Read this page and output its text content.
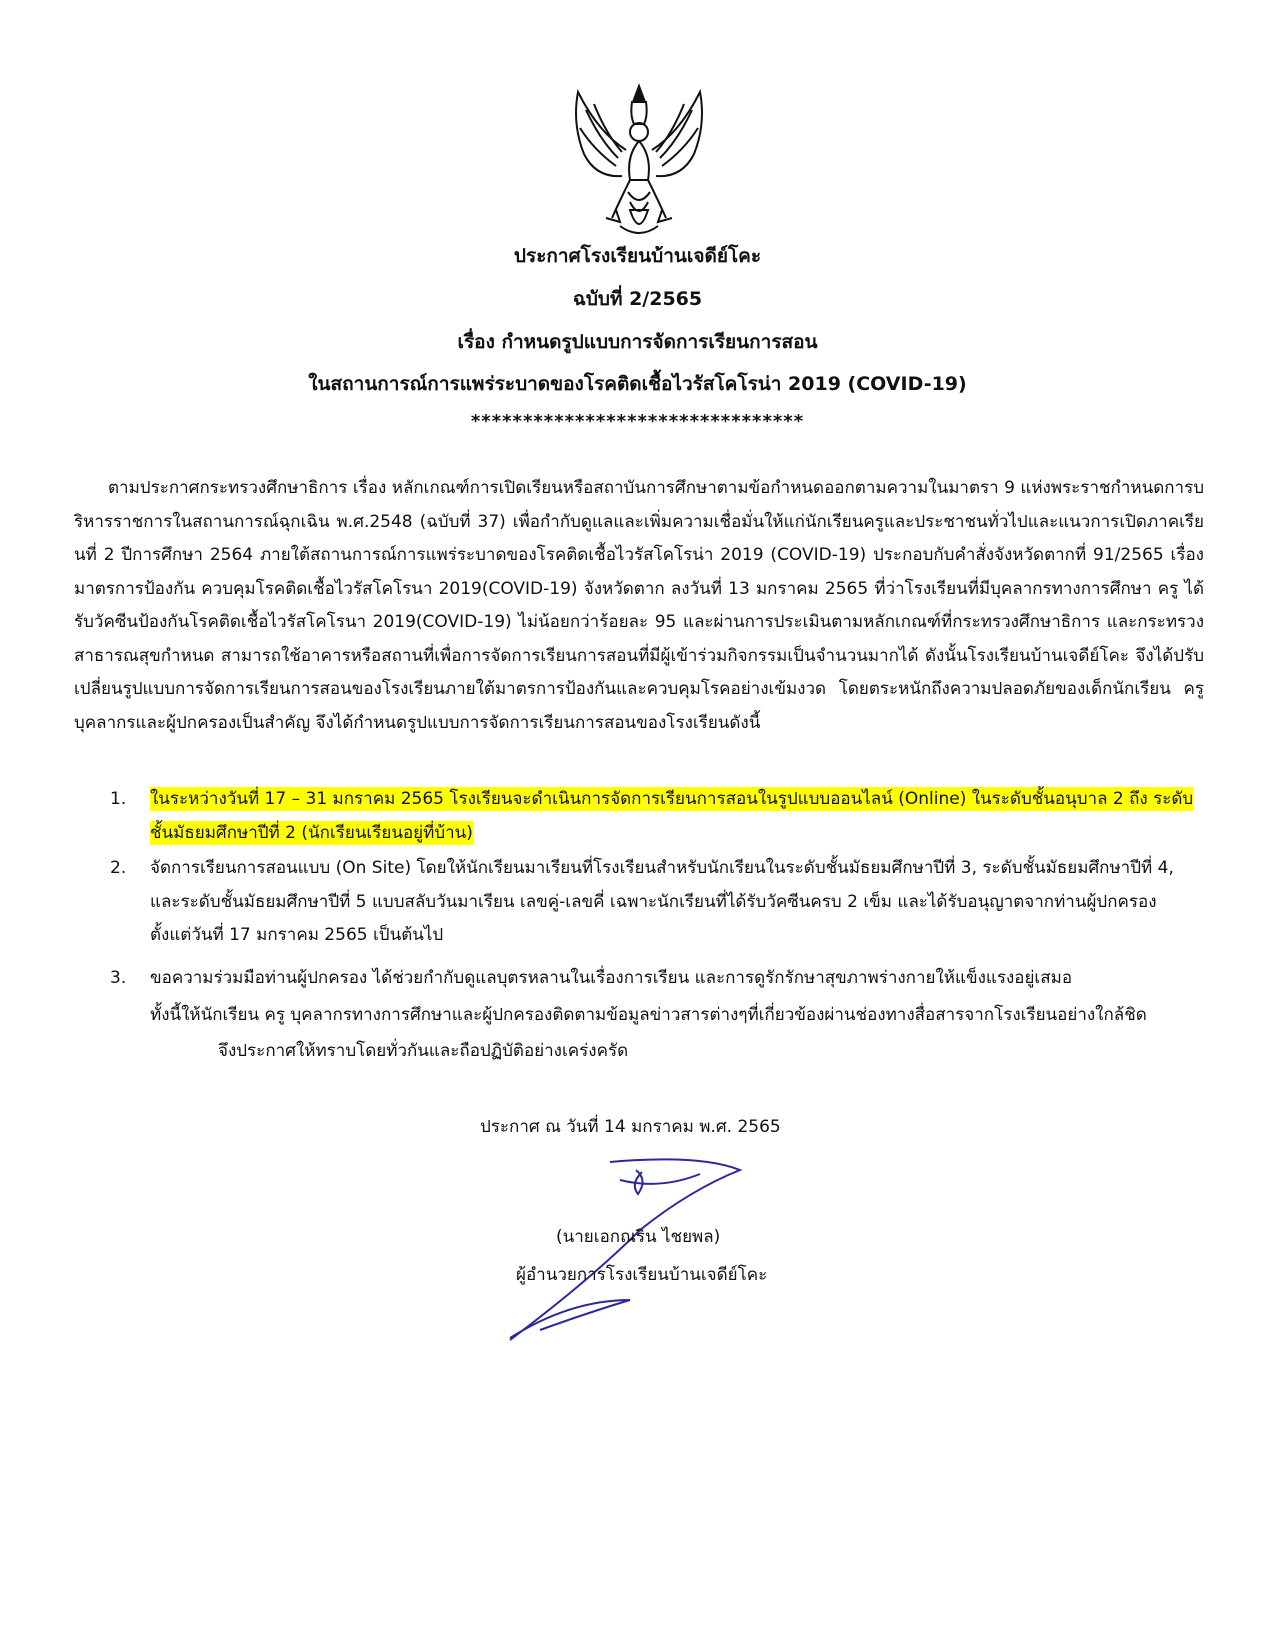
ประกาศโรงเรียนบ้านเจดีย์โคะ
ฉบับที่ 2/2565
เรื่อง กำหนดรูปแบบการจัดการเรียนการสอน
ในสถานการณ์การแพร่ระบาดของโรคติดเชื้อไวรัสโคโรน่า 2019 (COVID-19)
********************************
ตามประกาศกระทรวงศึกษาธิการ เรื่อง หลักเกณฑ์การเปิดเรียนหรือสถาบันการศึกษาตามข้อกำหนดออกตามความในมาตรา 9 แห่งพระราชกำหนดการบริหารราชการในสถานการณ์ฉุกเฉิน พ.ศ.2548 (ฉบับที่ 37) เพื่อกำกับดูแลและเพิ่มความเชื่อมั่นให้แก่นักเรียนครูและประชาชนทั่วไปและแนวการเปิดภาคเรียนที่ 2 ปีการศึกษา 2564 ภายใต้สถานการณ์การแพร่ระบาดของโรคติดเชื้อไวรัสโคโรน่า 2019 (COVID-19) ประกอบกับคำสั่งจังหวัดตากที่ 91/2565 เรื่อง มาตรการป้องกัน ควบคุมโรคติดเชื้อไวรัสโคโรนา 2019(COVID-19) จังหวัดตาก ลงวันที่ 13 มกราคม 2565 ที่ว่าโรงเรียนที่มีบุคลากรทางการศึกษา ครู ได้รับวัคซีนป้องกันโรคติดเชื้อไวรัสโคโรนา 2019(COVID-19) ไม่น้อยกว่าร้อยละ 95 และผ่านการประเมินตามหลักเกณฑ์ที่กระทรวงศึกษาธิการ และกระทรวงสาธารณสุขกำหนด สามารถใช้อาคารหรือสถานที่เพื่อการจัดการเรียนการสอนที่มีผู้เข้าร่วมกิจกรรมเป็นจำนวนมากได้ ดังนั้นโรงเรียนบ้านเจดีย์โคะ จึงได้ปรับเปลี่ยนรูปแบบการจัดการเรียนการสอนของโรงเรียนภายใต้มาตรการป้องกันและควบคุมโรคอย่างเข้มงวด โดยตระหนักถึงความปลอดภัยของเด็กนักเรียน ครู บุคลากรและผู้ปกครองเป็นสำคัญ จึงได้กำหนดรูปแบบการจัดการเรียนการสอนของโรงเรียนดังนี้
1.	ในระหว่างวันที่ 17 – 31 มกราคม 2565 โรงเรียนจะดำเนินการจัดการเรียนการสอนในรูปแบบออนไลน์ (Online) ในระดับชั้นอนุบาล 2 ถึง ระดับชั้นมัธยมศึกษาปีที่ 2 (นักเรียนเรียนอยู่ที่บ้าน)
2.	จัดการเรียนการสอนแบบ (On Site) โดยให้นักเรียนมาเรียนที่โรงเรียนสำหรับนักเรียนในระดับชั้นมัธยมศึกษาปีที่ 3, ระดับชั้นมัธยมศึกษาปีที่ 4, และระดับชั้นมัธยมศึกษาปีที่ 5 แบบสลับวันมาเรียน เลขคู่-เลขคี่ เฉพาะนักเรียนที่ได้รับวัคซีนครบ 2 เข็ม และได้รับอนุญาตจากท่านผู้ปกครอง ตั้งแต่วันที่ 17 มกราคม 2565 เป็นต้นไป
3.	ขอความร่วมมือท่านผู้ปกครอง ได้ช่วยกำกับดูแลบุตรหลานในเรื่องการเรียน และการดูรักรักษาสุขภาพร่างกายให้แข็งแรงอยู่เสมอ
ทั้งนี้ให้นักเรียน ครู บุคลากรทางการศึกษาและผู้ปกครองติดตามข้อมูลข่าวสารต่างๆที่เกี่ยวข้องผ่านช่องทางสื่อสารจากโรงเรียนอย่างใกล้ชิด
จึงประกาศให้ทราบโดยทั่วกันและถือปฏิบัติอย่างเคร่งครัด
ประกาศ ณ วันที่ 14 มกราคม พ.ศ. 2565
(นายเอกณริน ไชยพล)
ผู้อำนวยการโรงเรียนบ้านเจดีย์โคะ
